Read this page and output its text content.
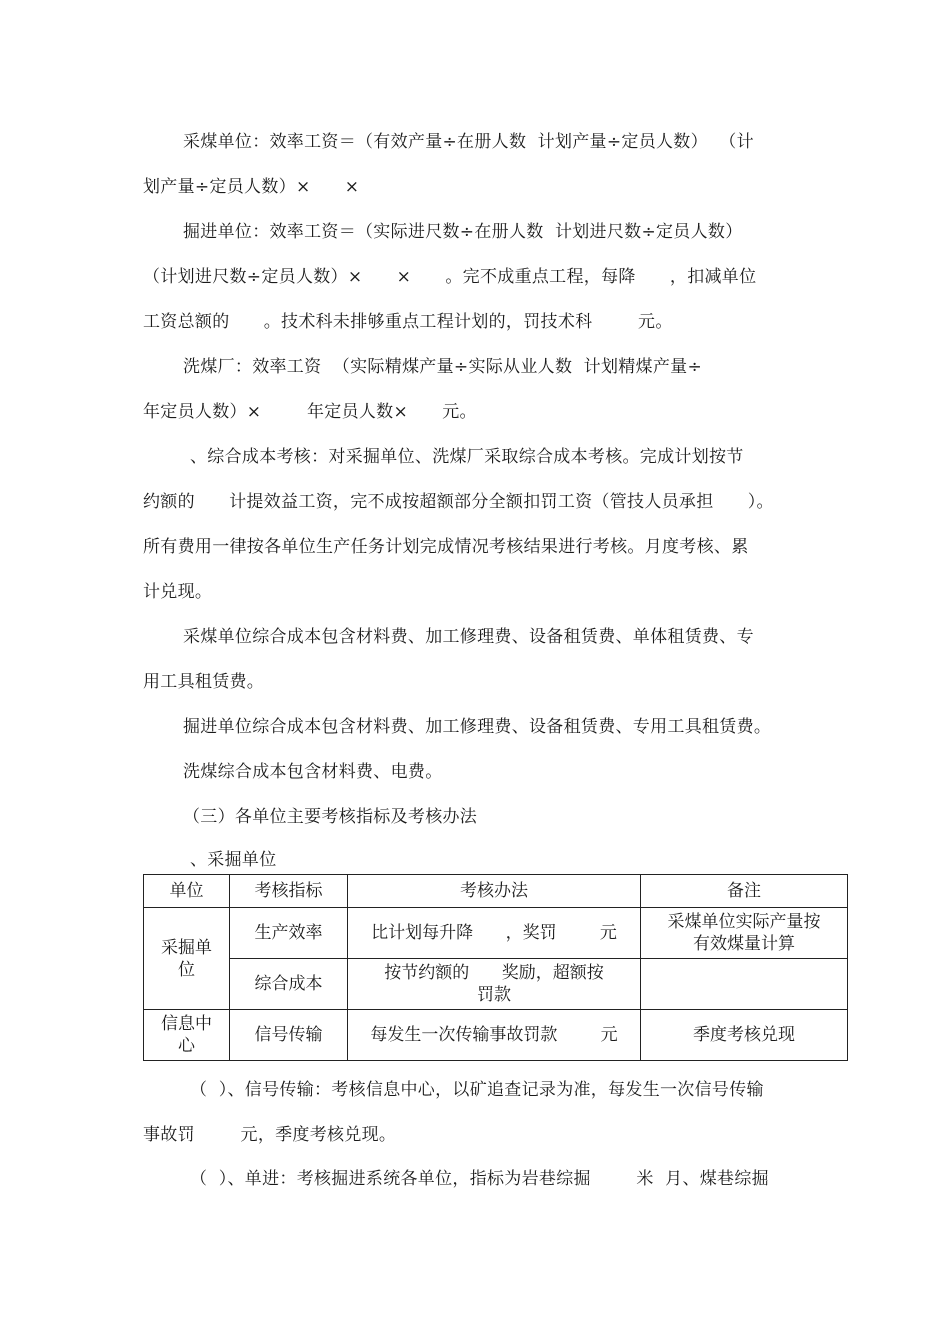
采煤单位：效率工资＝（有效产量÷在册人数  计划产量÷定员人数）  （计

划产量÷定员人数）×      ×

掘进单位：效率工资＝（实际进尺数÷在册人数  计划进尺数÷定员人数）

（计划进尺数÷定员人数）×      ×      。完不成重点工程，每降      ，扣减单位

工资总额的      。技术科未排够重点工程计划的，罚技术科        元。

洗煤厂：效率工资  （实际精煤产量÷实际从业人数  计划精煤产量÷

年定员人数）×        年定员人数×      元。

、综合成本考核：对采掘单位、洗煤厂采取综合成本考核。完成计划按节

约额的      计提效益工资，完不成按超额部分全额扣罚工资（管技人员承担      ）。

所有费用一律按各单位生产任务计划完成情况考核结果进行考核。月度考核、累

计兑现。

采煤单位综合成本包含材料费、加工修理费、设备租赁费、单体租赁费、专

用工具租赁费。

掘进单位综合成本包含材料费、加工修理费、设备租赁费、专用工具租赁费。

洗煤综合成本包含材料费、电费。

（三）各单位主要考核指标及考核办法

、采掘单位

单位	考核指标	考核办法	备注
采掘单
位	生产效率	比计划每升降      ，奖罚        元	采煤单位实际产量按
有效煤量计算
	综合成本	按节约额的      奖励，超额按
罚款	
信息中
心	信号传输	每发生一次传输事故罚款        元	季度考核兑现

（  ）、信号传输：考核信息中心，以矿追查记录为准，每发生一次信号传输

事故罚        元，季度考核兑现。

（  ）、单进：考核掘进系统各单位，指标为岩巷综掘        米  月、煤巷综掘
